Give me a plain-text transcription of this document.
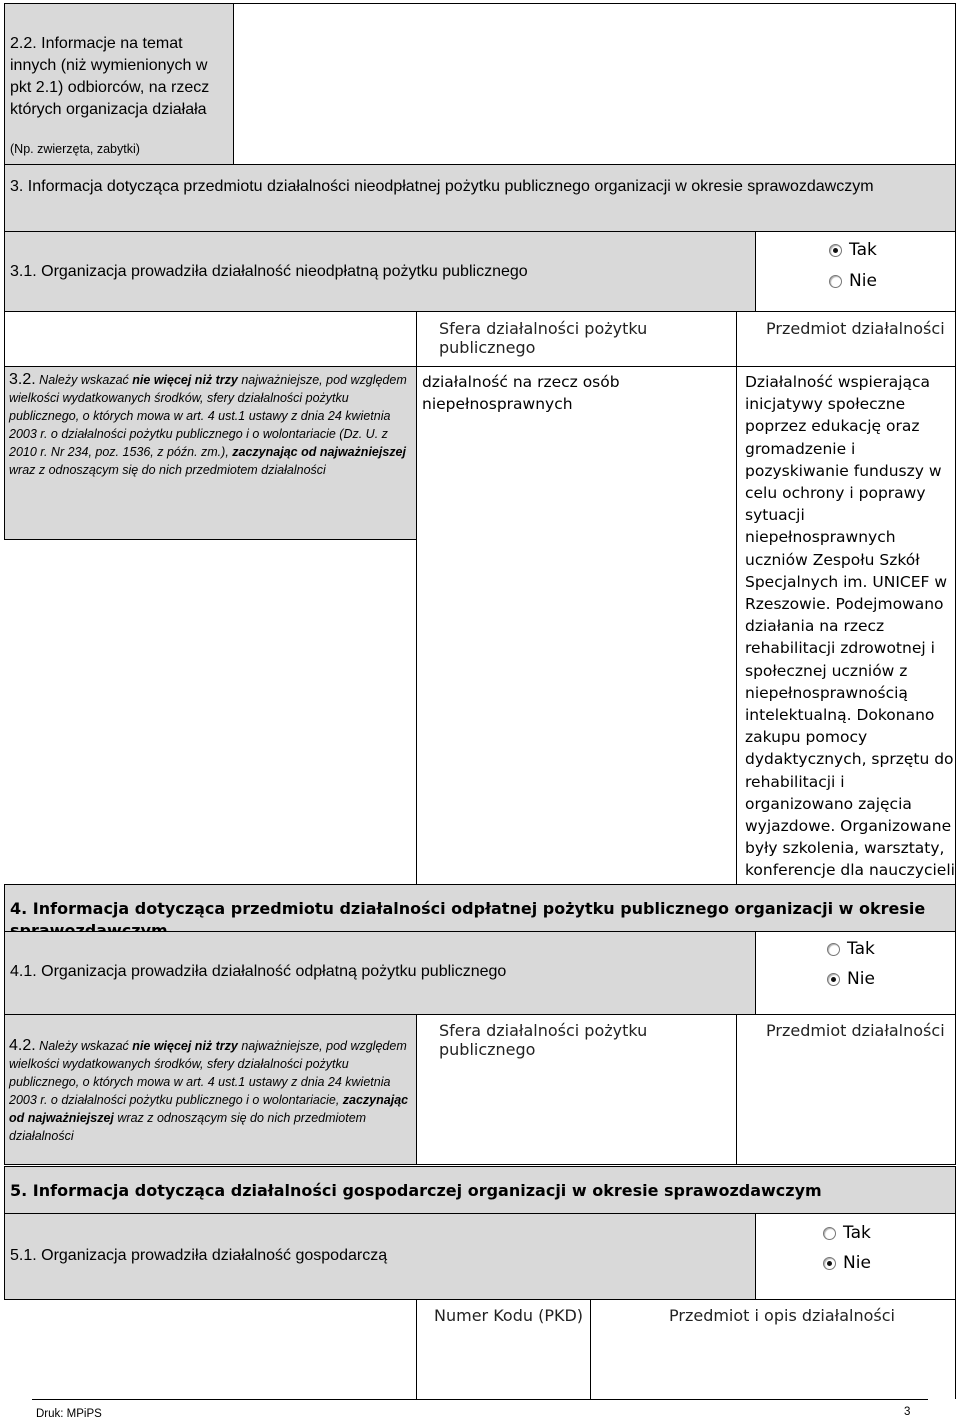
2.2. Informacje na temat innych (niż wymienionych w pkt 2.1) odbiorców, na rzecz których organizacja działała
(Np. zwierzęta, zabytki)
3. Informacja dotycząca przedmiotu działalności nieodpłatnej pożytku publicznego organizacji w okresie sprawozdawczym
3.1. Organizacja prowadziła działalność nieodpłatną pożytku publicznego
Tak
Nie
Sfera działalności pożytku publicznego
Przedmiot działalności
3.2. Należy wskazać nie więcej niż trzy najważniejsze, pod względem wielkości wydatkowanych środków, sfery działalności pożytku publicznego, o których mowa w art. 4 ust.1 ustawy z dnia 24 kwietnia 2003 r. o działalności pożytku publicznego i o wolontariacie (Dz. U. z 2010 r. Nr 234, poz. 1536, z późn. zm.), zaczynając od najważniejszej wraz z odnoszącym się do nich przedmiotem działalności
działalność na rzecz osób niepełnosprawnych
Działalność wspierająca inicjatywy społeczne poprzez edukację oraz gromadzenie i pozyskiwanie funduszy w celu ochrony i poprawy sytuacji niepełnosprawnych uczniów Zespołu Szkół Specjalnych im. UNICEF w Rzeszowie. Podejmowano działania na rzecz rehabilitacji zdrowotnej i społecznej uczniów z niepełnosprawnością intelektualną. Dokonano zakupu pomocy dydaktycznych, sprzętu do rehabilitacji i organizowano zajęcia wyjazdowe. Organizowane były szkolenia, warsztaty, konferencje dla nauczycieli
4. Informacja dotycząca przedmiotu działalności odpłatnej pożytku publicznego organizacji w okresie
4.1. Organizacja prowadziła działalność odpłatną pożytku publicznego
Tak
Nie
4.2. Należy wskazać nie więcej niż trzy najważniejsze, pod względem wielkości wydatkowanych środków, sfery działalności pożytku publicznego, o których mowa w art. 4 ust.1 ustawy z dnia 24 kwietnia 2003 r. o działalności pożytku publicznego i o wolontariacie, zaczynając od najważniejszej wraz z odnoszącym się do nich przedmiotem działalności
Sfera działalności pożytku publicznego
Przedmiot działalności
5. Informacja dotycząca działalności gospodarczej organizacji w okresie sprawozdawczym
5.1. Organizacja prowadziła działalność gospodarczą
Tak
Nie
Numer Kodu (PKD)	Przedmiot i opis działalności
Druk: MPiPS	3
